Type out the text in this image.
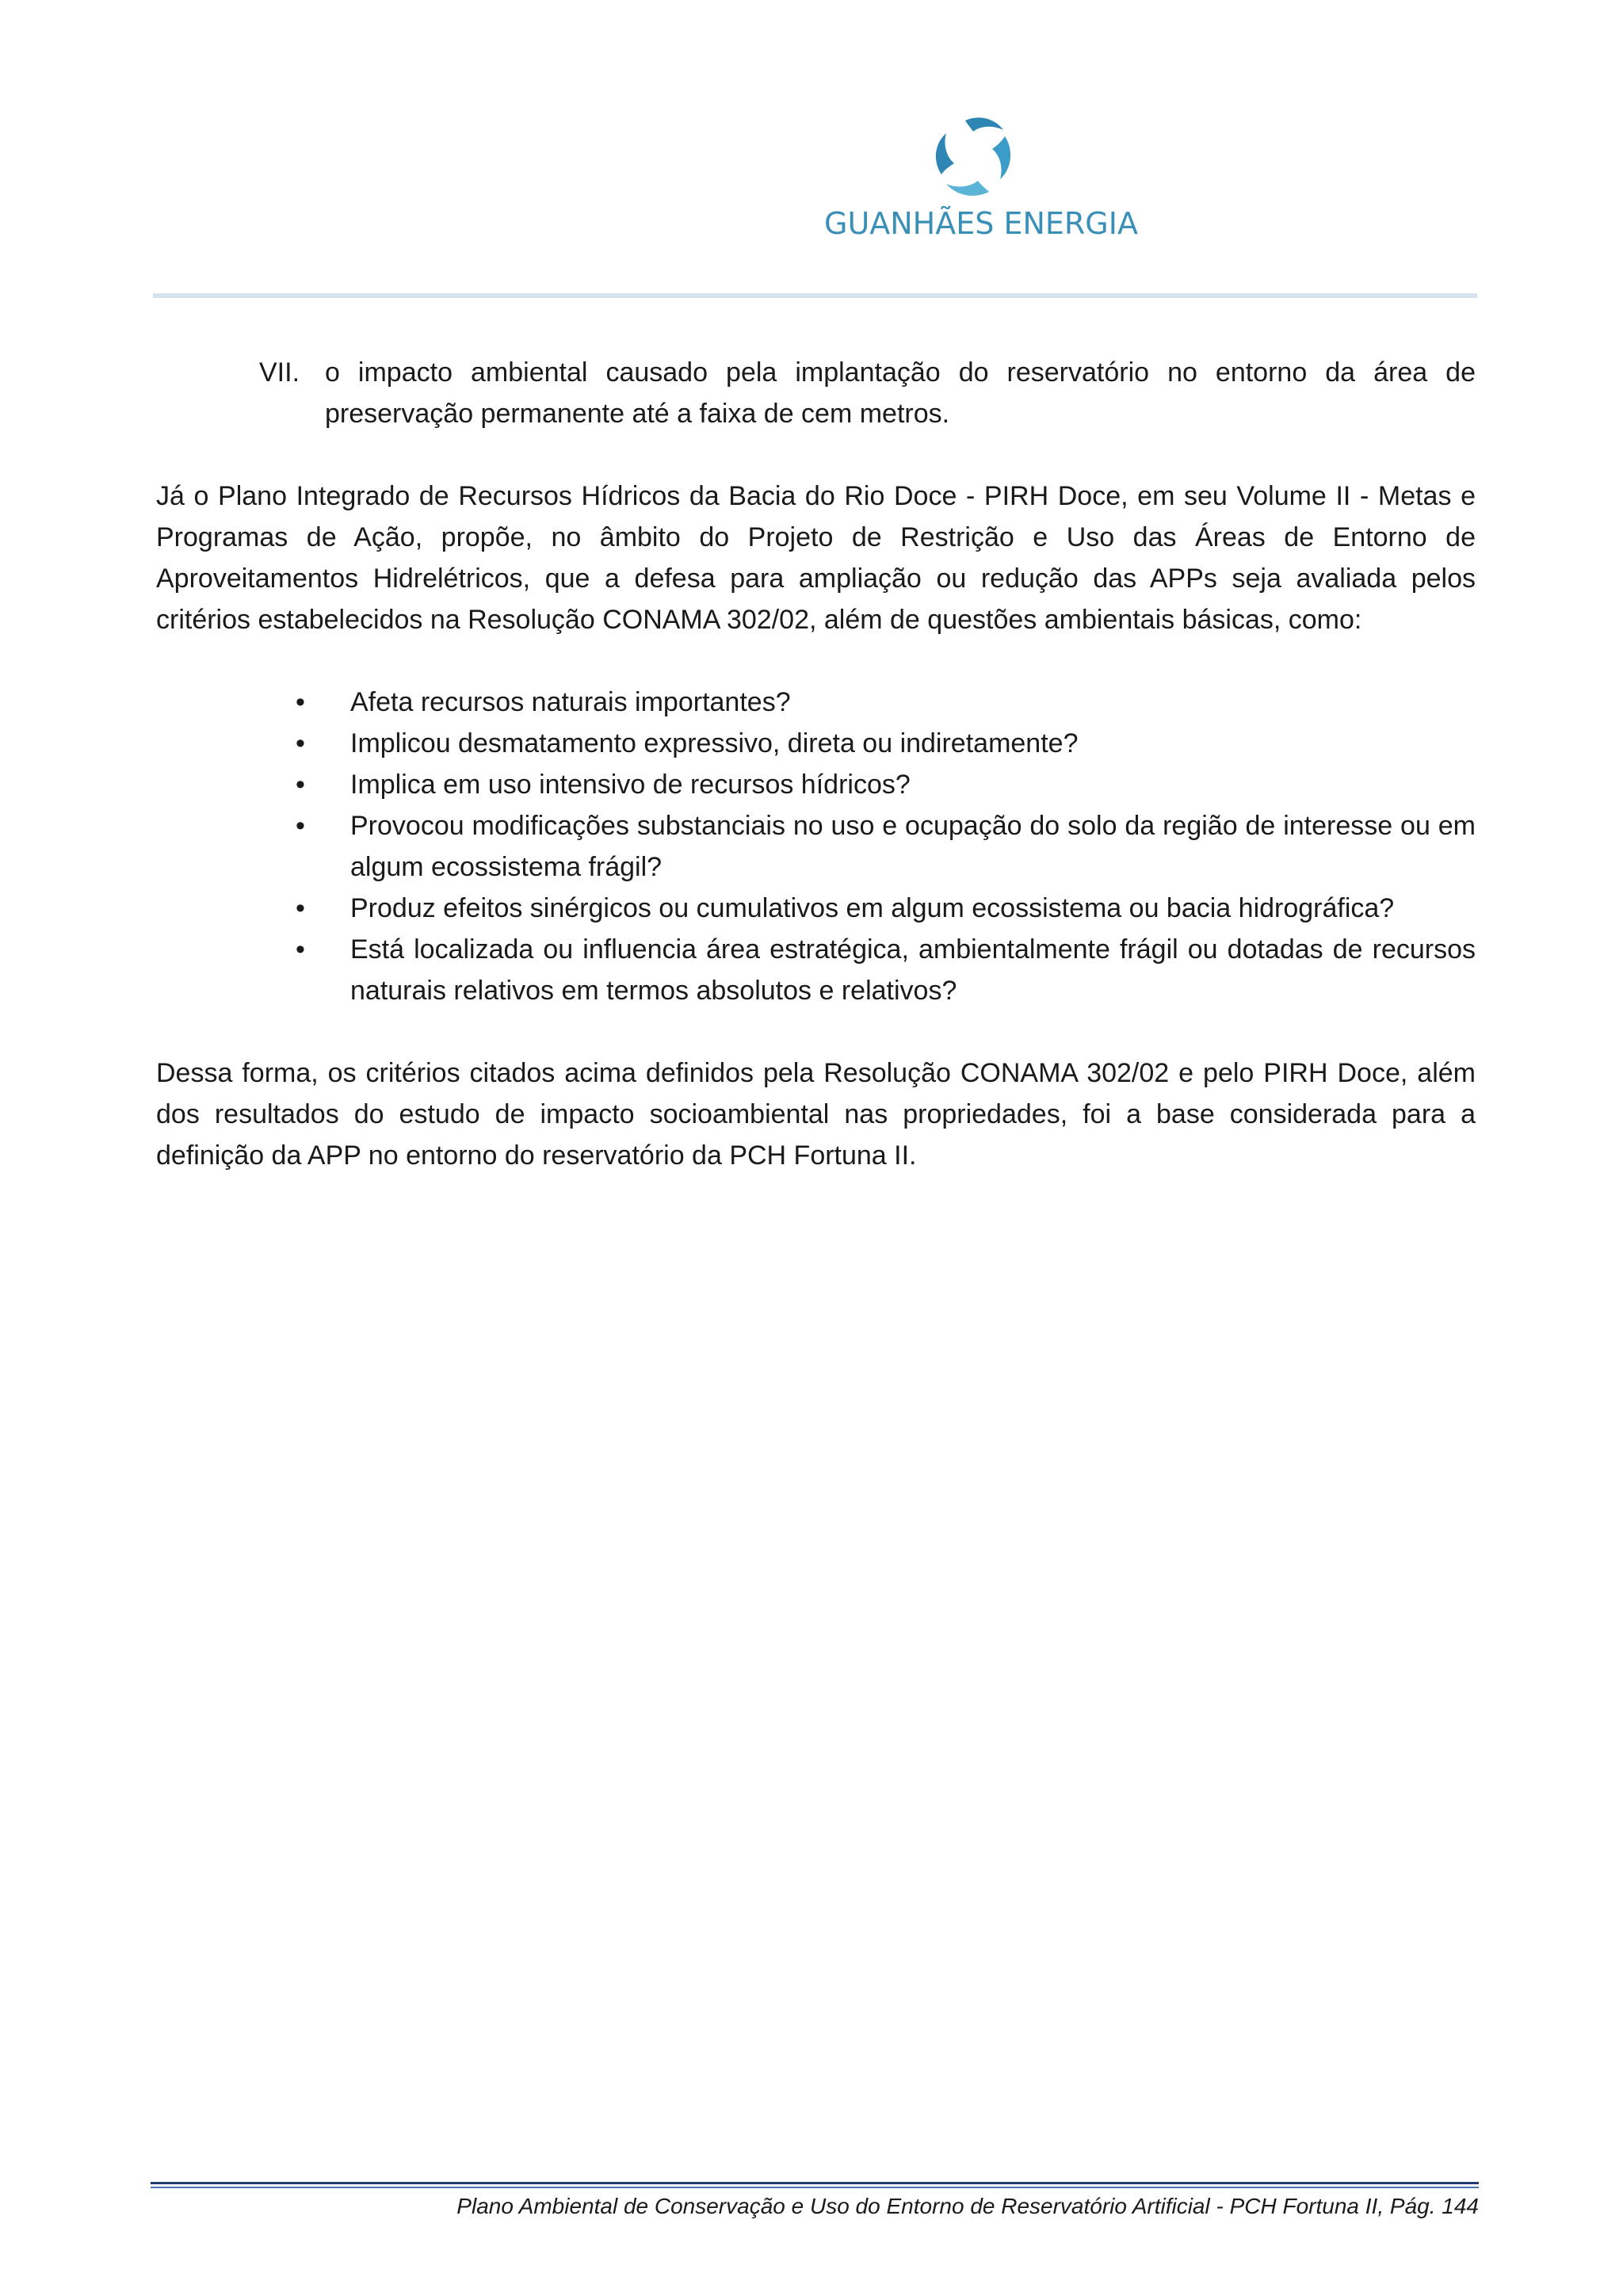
GUANHÃES ENERGIA
VII. o impacto ambiental causado pela implantação do reservatório no entorno da área de preservação permanente até a faixa de cem metros.

Já o Plano Integrado de Recursos Hídricos da Bacia do Rio Doce - PIRH Doce, em seu Volume II - Metas e Programas de Ação, propõe, no âmbito do Projeto de Restrição e Uso das Áreas de Entorno de Aproveitamentos Hidrelétricos, que a defesa para ampliação ou redução das APPs seja avaliada pelos critérios estabelecidos na Resolução CONAMA 302/02, além de questões ambientais básicas, como:

• Afeta recursos naturais importantes?
• Implicou desmatamento expressivo, direta ou indiretamente?
• Implica em uso intensivo de recursos hídricos?
• Provocou modificações substanciais no uso e ocupação do solo da região de interesse ou em algum ecossistema frágil?
• Produz efeitos sinérgicos ou cumulativos em algum ecossistema ou bacia hidrográfica?
• Está localizada ou influencia área estratégica, ambientalmente frágil ou dotadas de recursos naturais relativos em termos absolutos e relativos?

Dessa forma, os critérios citados acima definidos pela Resolução CONAMA 302/02 e pelo PIRH Doce, além dos resultados do estudo de impacto socioambiental nas propriedades, foi a base considerada para a definição da APP no entorno do reservatório da PCH Fortuna II.

Plano Ambiental de Conservação e Uso do Entorno de Reservatório Artificial - PCH Fortuna II, Pág. 144
